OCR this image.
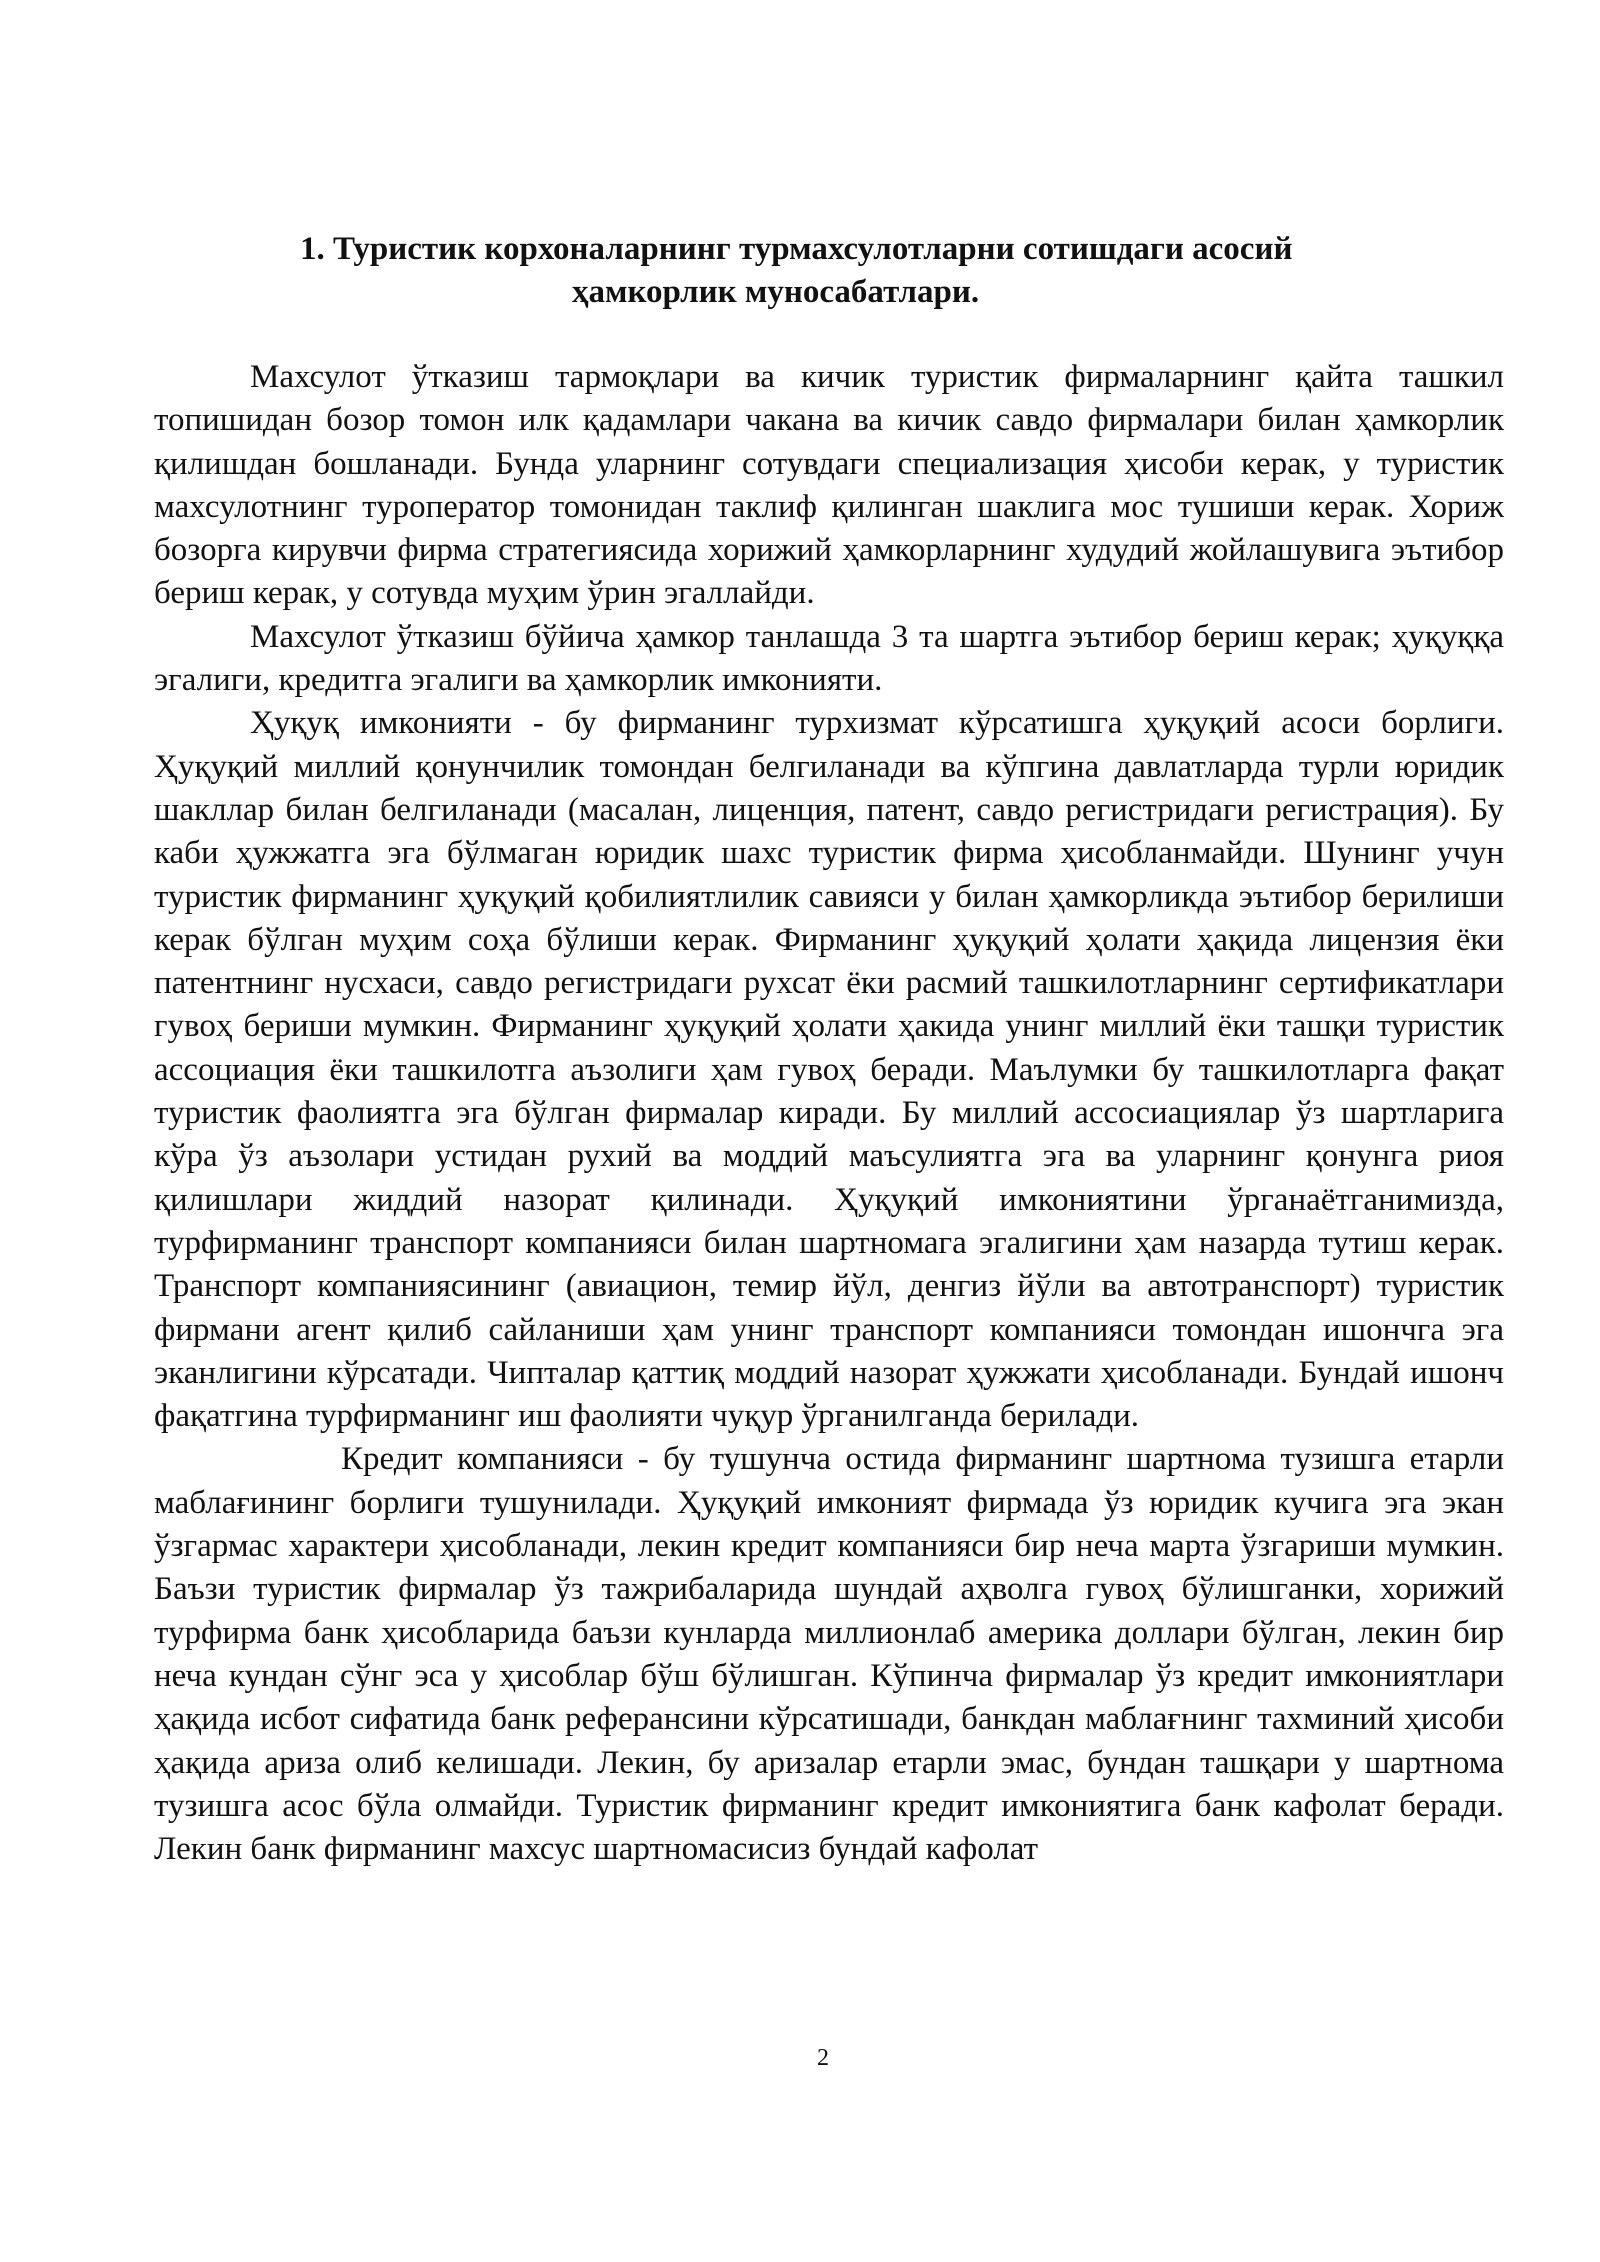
1. Туристик корхоналарнинг турмахсулотларни сотишдаги асосий
ҳамкорлик муносабатлари.

Махсулот ўтказиш тармоқлари ва кичик туристик фирмаларнинг қайта ташкил топишидан бозор томон илк қадамлари чакана ва кичик савдо фирмалари билан ҳамкорлик қилишдан бошланади. Бунда уларнинг сотувдаги специализация ҳисоби керак, у туристик махсулотнинг туроператор томонидан таклиф қилинган шаклига мос тушиши керак. Хориж бозорга кирувчи фирма стратегиясида хорижий ҳамкорларнинг худудий жойлашувига эътибор бериш керак, у сотувда муҳим ўрин эгаллайди.

Махсулот ўтказиш бўйича ҳамкор танлашда 3 та шартга эътибор бериш керак; ҳуқуққа эгалиги, кредитга эгалиги ва ҳамкорлик имконияти.

Ҳуқуқ имконияти - бу фирманинг турхизмат кўрсатишга ҳуқуқий асоси борлиги. Ҳуқуқий миллий қонунчилик томондан белгиланади ва кўпгина давлатларда турли юридик шакллар билан белгиланади (масалан, лиценция, патент, савдо регистридаги регистрация). Бу каби ҳужжатга эга бўлмаган юридик шахс туристик фирма ҳисобланмайди. Шунинг учун туристик фирманинг ҳуқуқий қобилиятлилик савияси у билан ҳамкорликда эътибор берилиши керак бўлган муҳим соҳа бўлиши керак. Фирманинг ҳуқуқий ҳолати ҳақида лицензия ёки патентнинг нусхаси, савдо регистридаги рухсат ёки расмий ташкилотларнинг сертификатлари гувоҳ бериши мумкин. Фирманинг ҳуқуқий ҳолати ҳакида унинг миллий ёки ташқи туристик ассоциация ёки ташкилотга аъзолиги ҳам гувоҳ беради. Маълумки бу ташкилотларга фақат туристик фаолиятга эга бўлган фирмалар киради. Бу миллий ассосиациялар ўз шартларига кўра ўз аъзолари устидан рухий ва моддий маъсулиятга эга ва уларнинг қонунга риоя қилишлари жиддий назорат қилинади. Ҳуқуқий имкониятини ўрганаётганимизда, турфирманинг транспорт компанияси билан шартномага эгалигини ҳам назарда тутиш керак. Транспорт компаниясининг (авиацион, темир йўл, денгиз йўли ва автотранспорт) туристик фирмани агент қилиб сайланиши ҳам унинг транспорт компанияси томондан ишончга эга эканлигини кўрсатади. Чипталар қаттиқ моддий назорат ҳужжати ҳисобланади. Бундай ишонч фақатгина турфирманинг иш фаолияти чуқур ўрганилганда берилади.

Кредит компанияси - бу тушунча остида фирманинг шартнома тузишга етарли маблағининг борлиги тушунилади. Ҳуқуқий имконият фирмада ўз юридик кучига эга экан ўзгармас характери ҳисобланади, лекин кредит компанияси бир неча марта ўзгариши мумкин. Баъзи туристик фирмалар ўз тажрибаларида шундай аҳволга гувоҳ бўлишганки, хорижий турфирма банк ҳисобларида баъзи кунларда миллионлаб америка доллари бўлган, лекин бир неча кундан сўнг эса у ҳисоблар бўш бўлишган. Кўпинча фирмалар ўз кредит имкониятлари ҳақида исбот сифатида банк реферансини кўрсатишади, банкдан маблағнинг тахминий ҳисоби ҳақида ариза олиб келишади. Лекин, бу аризалар етарли эмас, бундан ташқари у шартнома тузишга асос бўла олмайди. Туристик фирманинг кредит имкониятига банк кафолат беради. Лекин банк фирманинг махсус шартномасисиз бундай кафолат

2
